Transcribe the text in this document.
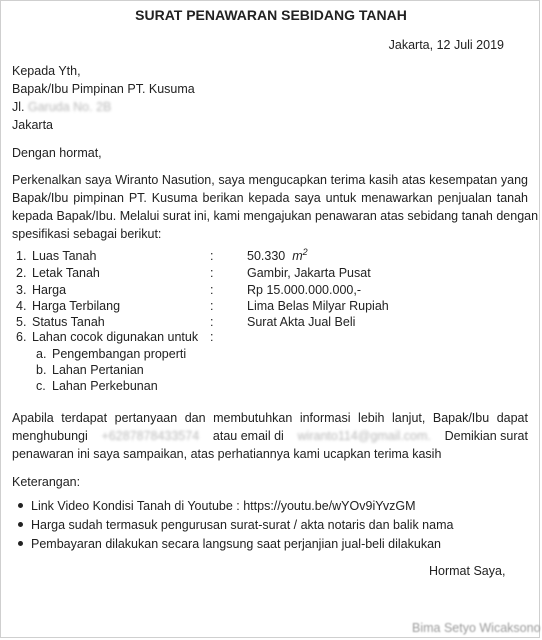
SURAT PENAWARAN SEBIDANG TANAH
Jakarta, 12 Juli 2019
Kepada Yth,
Bapak/Ibu Pimpinan PT. Kusuma
Jl. Garuda No. 2B
Jakarta
Dengan hormat,
Perkenalkan saya Wiranto Nasution, saya mengucapkan terima kasih atas kesempatan yang
Bapak/Ibu pimpinan PT. Kusuma berikan kepada saya untuk menawarkan penjualan tanah
kepada Bapak/Ibu. Melalui surat ini, kami mengajukan penawaran atas sebidang tanah dengan
spesifikasi sebagai berikut:
1. Luas Tanah	:	50.330 $m^2$
2. Letak Tanah	:	Gambir, Jakarta Pusat
3. Harga	:	Rp 15.000.000.000,-
4. Harga Terbilang	:	Lima Belas Milyar Rupiah
5. Status Tanah	:	Surat Akta Jual Beli
6. Lahan cocok digunakan untuk :
a. Pengembangan properti
b. Lahan Pertanian
c. Lahan Perkebunan
Apabila terdapat pertanyaan dan membutuhkan informasi lebih lanjut, Bapak/Ibu dapat
menghubungi +6287878433574 atau email di wiranto114@gmail.com. Demikian surat
penawaran ini saya sampaikan, atas perhatiannya kami ucapkan terima kasih
Keterangan:
Link Video Kondisi Tanah di Youtube : https://youtu.be/wYOv9iYvzGM
Harga sudah termasuk pengurusan surat-surat / akta notaris dan balik nama
Pembayaran dilakukan secara langsung saat perjanjian jual-beli dilakukan
Hormat Saya,
Bima Setyo Wicaksono
